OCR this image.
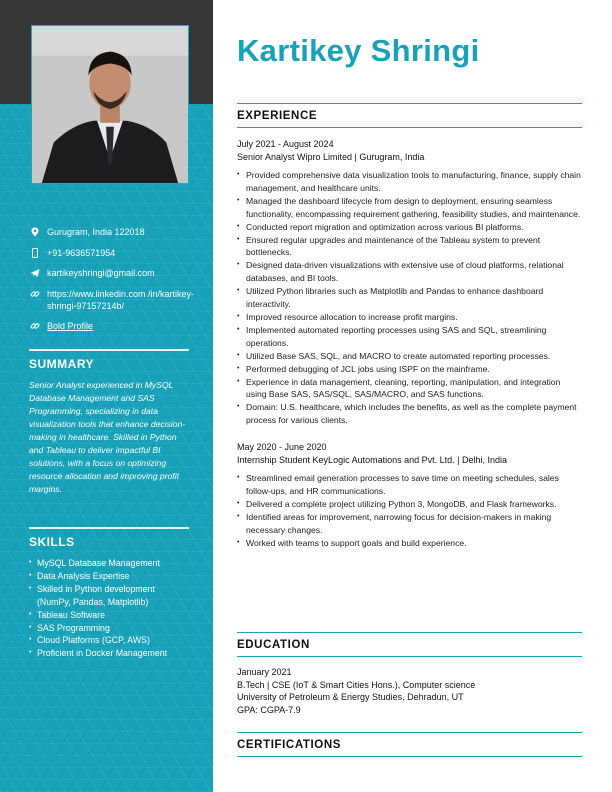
Gurugram, India 122018
+91-9636571954
kartikeyshringi@gmail.com
https://www.linkedin.com /in/kartikey-shringi-97157214b/
Bold Profile
SUMMARY
Senior Analyst experienced in MySQL Database Management and SAS Programming, specializing in data visualization tools that enhance decision-making in healthcare. Skilled in Python and Tableau to deliver impactful BI solutions, with a focus on optimizing resource allocation and improving profit margins.
SKILLS
• MySQL Database Management
• Data Analysis Expertise
• Skilled in Python development (NumPy, Pandas, Matplotlib)
• Tableau Software
• SAS Programming
• Cloud Platforms (GCP, AWS)
• Proficient in Docker Management
Kartikey Shringi
EXPERIENCE
July 2021 - August 2024
Senior Analyst Wipro Limited | Gurugram, India
• Provided comprehensive data visualization tools to manufacturing, finance, supply chain management, and healthcare units.
• Managed the dashboard lifecycle from design to deployment, ensuring seamless functionality, encompassing requirement gathering, feasibility studies, and maintenance.
• Conducted report migration and optimization across various BI platforms.
• Ensured regular upgrades and maintenance of the Tableau system to prevent bottlenecks.
• Designed data-driven visualizations with extensive use of cloud platforms, relational databases, and BI tools.
• Utilized Python libraries such as Matplotlib and Pandas to enhance dashboard interactivity.
• Improved resource allocation to increase profit margins.
• Implemented automated reporting processes using SAS and SQL, streamlining operations.
• Utilized Base SAS, SQL, and MACRO to create automated reporting processes.
• Performed debugging of JCL jobs using ISPF on the mainframe.
• Experience in data management, cleaning, reporting, manipulation, and integration using Base SAS, SAS/SQL, SAS/MACRO, and SAS functions.
• Domain: U.S. healthcare, which includes the benefits, as well as the complete payment process for various clients.
May 2020 - June 2020
Internship Student KeyLogic Automations and Pvt. Ltd. | Delhi, India
• Streamlined email generation processes to save time on meeting schedules, sales follow-ups, and HR communications.
• Delivered a complete project utilizing Python 3, MongoDB, and Flask frameworks.
• Identified areas for improvement, narrowing focus for decision-makers in making necessary changes.
• Worked with teams to support goals and build experience.
EDUCATION
January 2021
B.Tech | CSE (IoT & Smart Cities Hons.), Computer science
University of Petroleum & Energy Studies, Dehradun, UT
GPA: CGPA-7.9
CERTIFICATIONS
